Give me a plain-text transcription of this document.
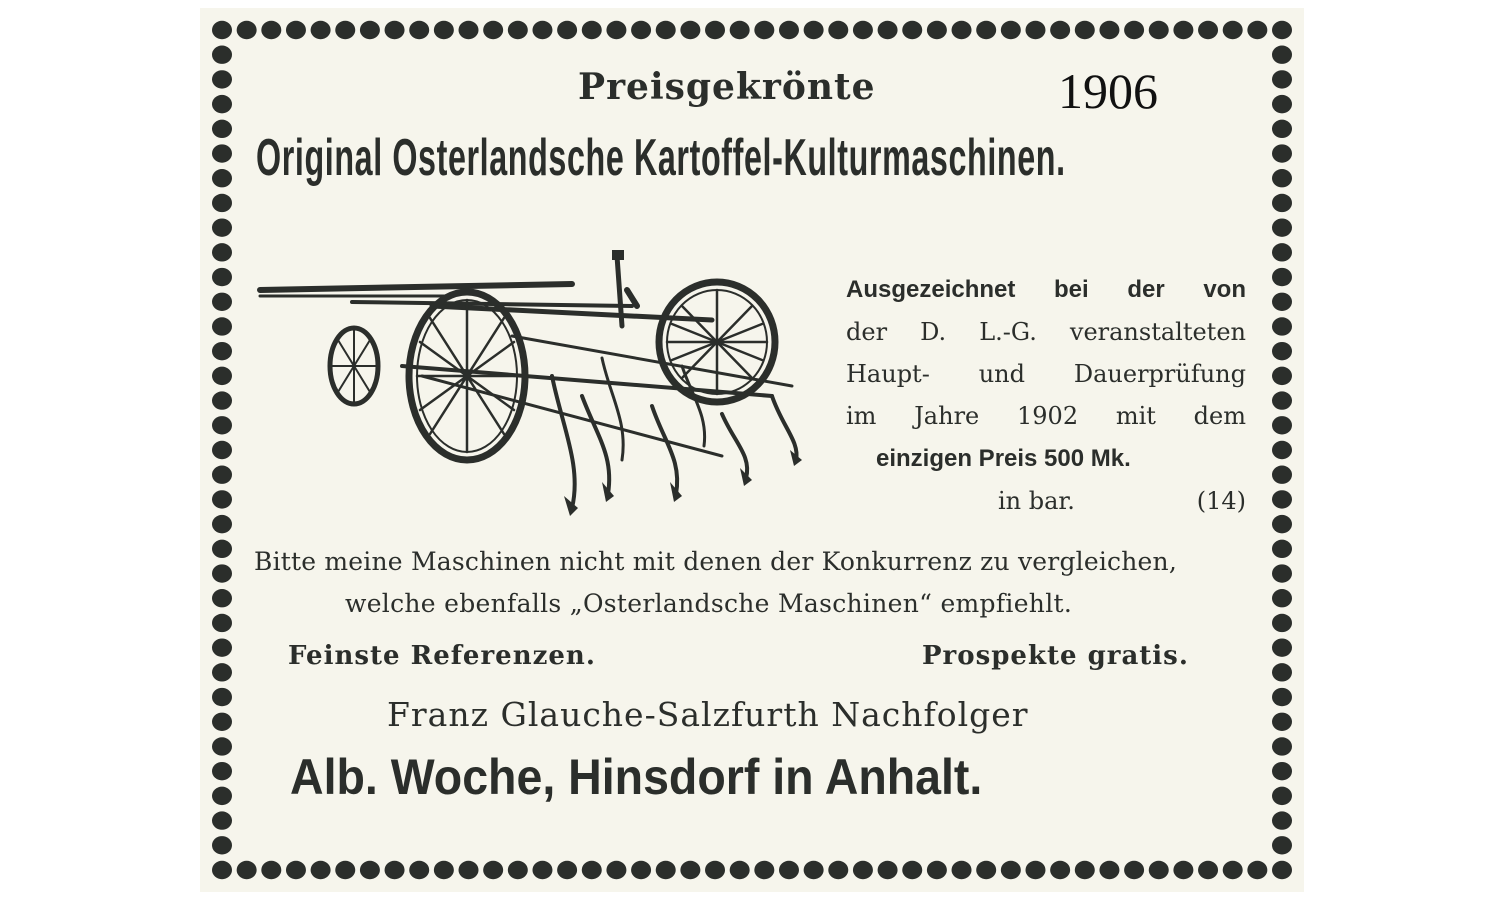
Preisgekrönte	1906
Original Osterlandsche Kartoffel-Kulturmaschinen.
Ausgezeichnet bei der von
der D. L.-G. veranstalteten
Haupt- und Dauerprüfung
im Jahre 1902 mit dem
einzigen Preis 500 Mk.
in bar.	(14)
Bitte meine Maschinen nicht mit denen der Konkurrenz zu vergleichen,
welche ebenfalls „Osterlandsche Maschinen“ empfiehlt.
Feinste Referenzen.	Prospekte gratis.
Franz Glauche-Salzfurth Nachfolger
Alb. Woche, Hinsdorf in Anhalt.
